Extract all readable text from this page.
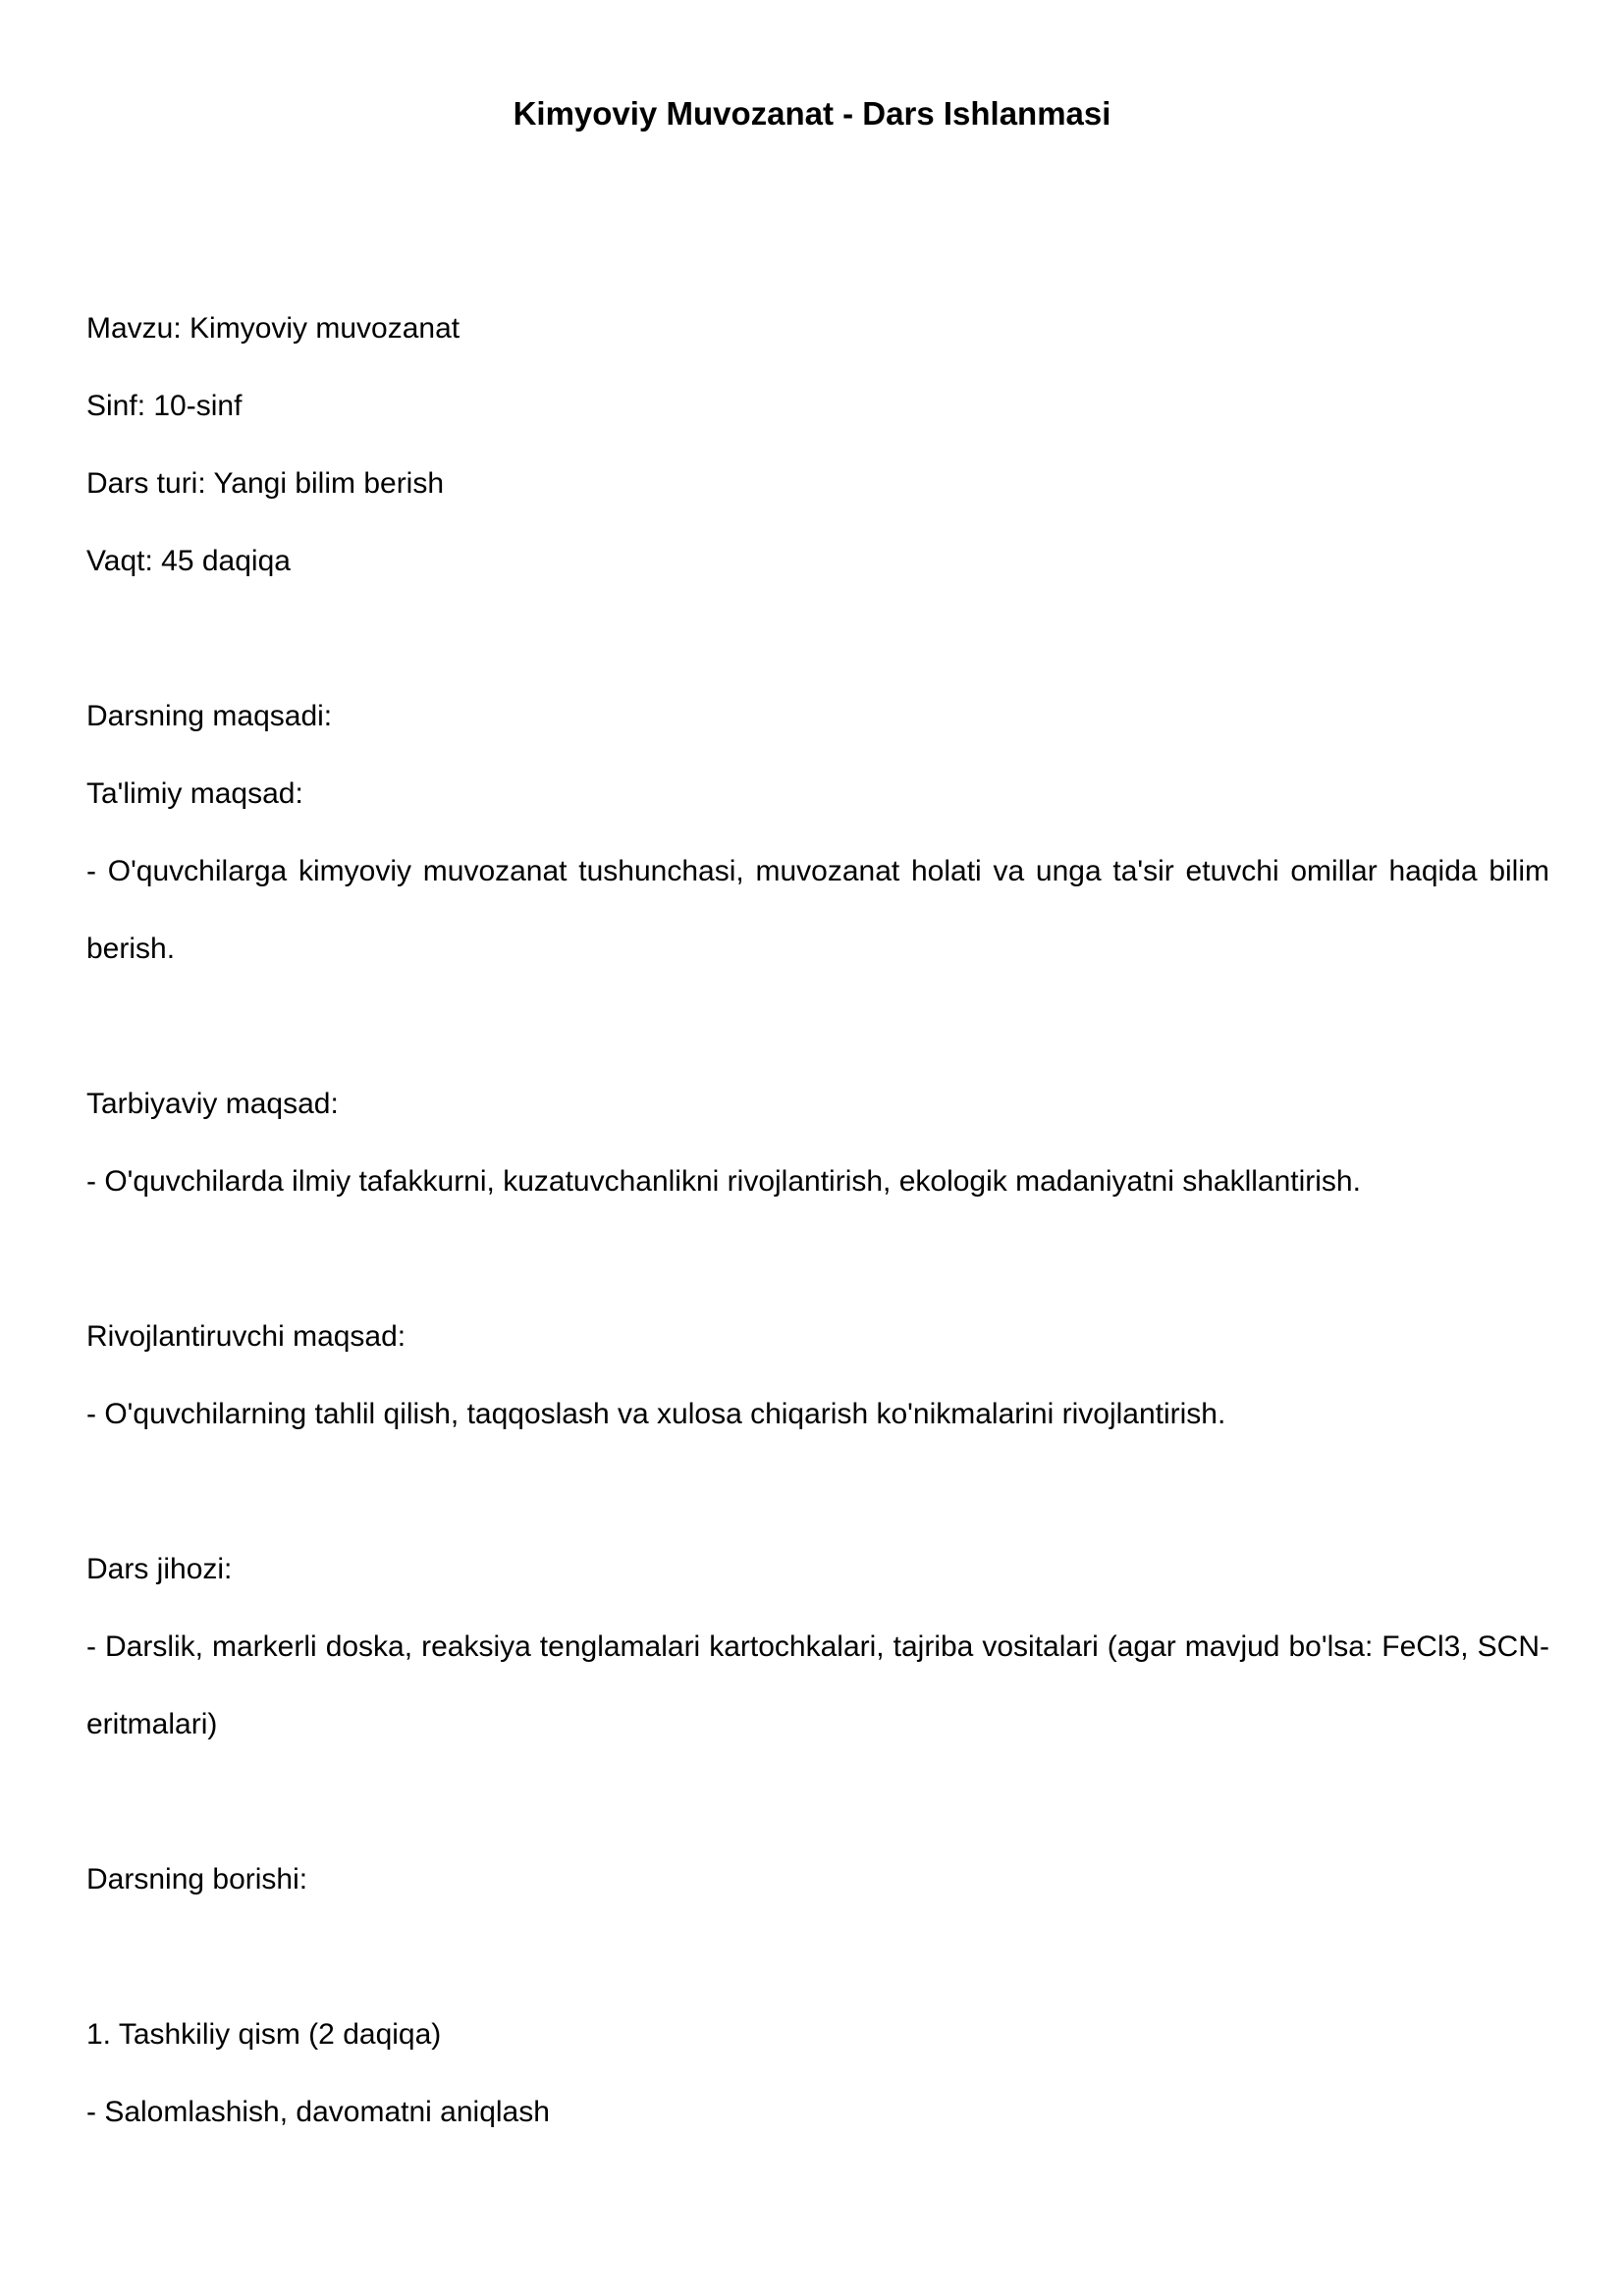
Kimyoviy Muvozanat - Dars Ishlanmasi

Mavzu: Kimyoviy muvozanat

Sinf: 10-sinf

Dars turi: Yangi bilim berish

Vaqt: 45 daqiqa

Darsning maqsadi:

Ta'limiy maqsad:

- O'quvchilarga kimyoviy muvozanat tushunchasi, muvozanat holati va unga ta'sir etuvchi omillar haqida bilim berish.

Tarbiyaviy maqsad:

- O'quvchilarda ilmiy tafakkurni, kuzatuvchanlikni rivojlantirish, ekologik madaniyatni shakllantirish.

Rivojlantiruvchi maqsad:

- O'quvchilarning tahlil qilish, taqqoslash va xulosa chiqarish ko'nikmalarini rivojlantirish.

Dars jihozi:

- Darslik, markerli doska, reaksiya tenglamalari kartochkalari, tajriba vositalari (agar mavjud bo'lsa: FeCl3, SCN- eritmalari)

Darsning borishi:

1. Tashkiliy qism (2 daqiqa)

- Salomlashish, davomatni aniqlash
